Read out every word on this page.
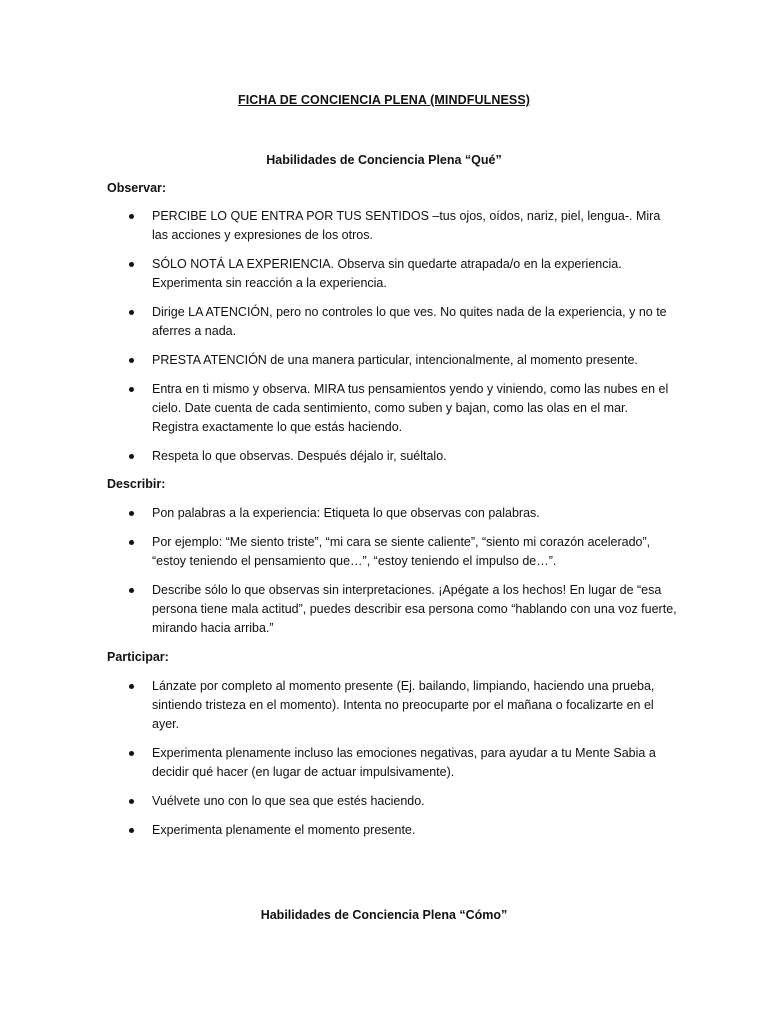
FICHA DE CONCIENCIA PLENA (MINDFULNESS)
Habilidades de Conciencia Plena “Qué”
Observar:
PERCIBE LO QUE ENTRA POR TUS SENTIDOS –tus ojos, oídos, nariz, piel, lengua-. Mira las acciones y expresiones de los otros.
SÓLO NOTÁ LA EXPERIENCIA. Observa sin quedarte atrapada/o en la experiencia. Experimenta sin reacción a la experiencia.
Dirige LA ATENCIÓN, pero no controles lo que ves. No quites nada de la experiencia, y no te aferres a nada.
PRESTA ATENCIÓN de una manera particular, intencionalmente, al momento presente.
Entra en ti mismo y observa. MIRA tus pensamientos yendo y viniendo, como las nubes en el cielo. Date cuenta de cada sentimiento, como suben y bajan, como las olas en el mar. Registra exactamente lo que estás haciendo.
Respeta lo que observas. Después déjalo ir, suéltalo.
Describir:
Pon palabras a la experiencia: Etiqueta lo que observas con palabras.
Por ejemplo: “Me siento triste”, “mi cara se siente caliente”, “siento mi corazón acelerado”, “estoy teniendo el pensamiento que…”, “estoy teniendo el impulso de…”.
Describe sólo lo que observas sin interpretaciones. ¡Apégate a los hechos! En lugar de “esa persona tiene mala actitud”, puedes describir esa persona como “hablando con una voz fuerte, mirando hacia arriba.”
Participar:
Lánzate por completo al momento presente (Ej. bailando, limpiando, haciendo una prueba, sintiendo tristeza en el momento). Intenta no preocuparte por el mañana o focalizarte en el ayer.
Experimenta plenamente incluso las emociones negativas, para ayudar a tu Mente Sabia a decidir qué hacer (en lugar de actuar impulsivamente).
Vuélvete uno con lo que sea que estés haciendo.
Experimenta plenamente el momento presente.
Habilidades de Conciencia Plena “Cómo”
